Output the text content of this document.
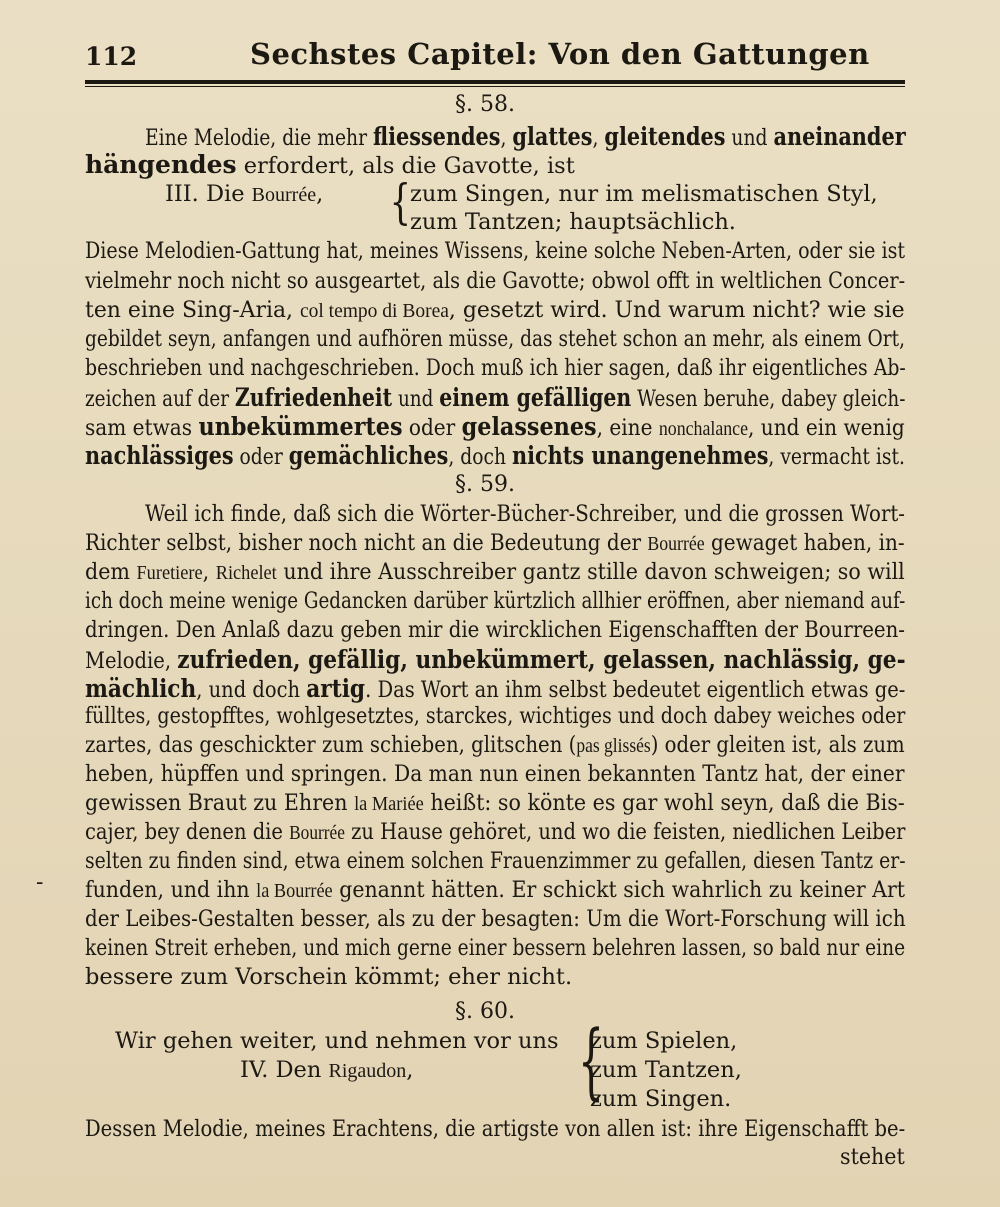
112	Sechstes Capitel: Von den Gattungen
§. 58.
Eine Melodie, die mehr fliessendes, glattes, gleitendes und aneinander
hängendes erfordert, als die Gavotte, ist
III. Die Bourrée, { zum Singen, nur im melismatischen Styl,
zum Tantzen; hauptsächlich.
Diese Melodien-Gattung hat, meines Wissens, keine solche Neben-Arten, oder sie ist
vielmehr noch nicht so ausgeartet, als die Gavotte; obwol offt in weltlichen Concer-
ten eine Sing-Aria, col tempo di Borea, gesetzt wird. Und warum nicht? wie sie
gebildet seyn, anfangen und aufhören müsse, das stehet schon an mehr, als einem Ort,
beschrieben und nachgeschrieben. Doch muß ich hier sagen, daß ihr eigentliches Ab-
zeichen auf der Zufriedenheit und einem gefälligen Wesen beruhe, dabey gleich-
sam etwas unbekümmertes oder gelassenes, eine nonchalance, und ein wenig
nachlässiges oder gemächliches, doch nichts unangenehmes, vermacht ist.
§. 59.
Weil ich finde, daß sich die Wörter-Bücher-Schreiber, und die grossen Wort-
Richter selbst, bisher noch nicht an die Bedeutung der Bourrée gewaget haben, in-
dem Furetiere, Richelet und ihre Ausschreiber gantz stille davon schweigen; so will
ich doch meine wenige Gedancken darüber kürtzlich allhier eröffnen, aber niemand auf-
dringen. Den Anlaß dazu geben mir die wircklichen Eigenschafften der Bourreen-
Melodie, zufrieden, gefällig, unbekümmert, gelassen, nachlässig, ge-
mächlich, und doch artig. Das Wort an ihm selbst bedeutet eigentlich etwas ge-
fülltes, gestopfftes, wohlgesetztes, starckes, wichtiges und doch dabey weiches oder
zartes, das geschickter zum schieben, glitschen (pas glissés) oder gleiten ist, als zum
heben, hüpffen und springen. Da man nun einen bekannten Tantz hat, der einer
gewissen Braut zu Ehren la Mariée heißt: so könte es gar wohl seyn, daß die Bis-
cajer, bey denen die Bourrée zu Hause gehöret, und wo die feisten, niedlichen Leiber
selten zu finden sind, etwa einem solchen Frauenzimmer zu gefallen, diesen Tantz er-
- funden, und ihn la Bourrée genannt hätten. Er schickt sich wahrlich zu keiner Art
der Leibes-Gestalten besser, als zu der besagten: Um die Wort-Forschung will ich
keinen Streit erheben, und mich gerne einer bessern belehren lassen, so bald nur eine
bessere zum Vorschein kömmt; eher nicht.
§. 60.
Wir gehen weiter, und nehmen vor uns
IV. Den Rigaudon, {
zum Spielen,
zum Tantzen,
zum Singen.
Dessen Melodie, meines Erachtens, die artigste von allen ist: ihre Eigenschafft be-
stehet
